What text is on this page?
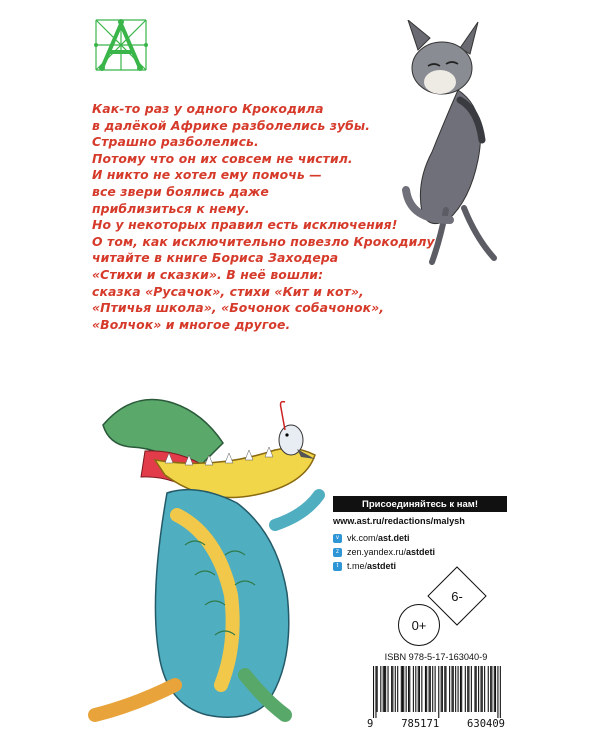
Как-то раз у одного Крокодила
в далёкой Африке разболелись зубы.
Страшно разболелись.
Потому что он их совсем не чистил.
И никто не хотел ему помочь —
все звери боялись даже
приблизиться к нему.
Но у некоторых правил есть исключения!
О том, как исключительно повезло Крокодилу,
читайте в книге Бориса Заходера
«Стихи и сказки». В неё вошли:
сказка «Русачок», стихи «Кит и кот»,
«Птичья школа», «Бочонок собачонок»,
«Волчок» и многое другое.
Присоединяйтесь к нам!
www.ast.ru/redactions/malysh
v vk.com/ ast.deti
z zen.yandex.ru/ astdeti
t t.me/ astdeti
6-
0+
ISBN 978-5-17-163040-9
9	785171	630409
